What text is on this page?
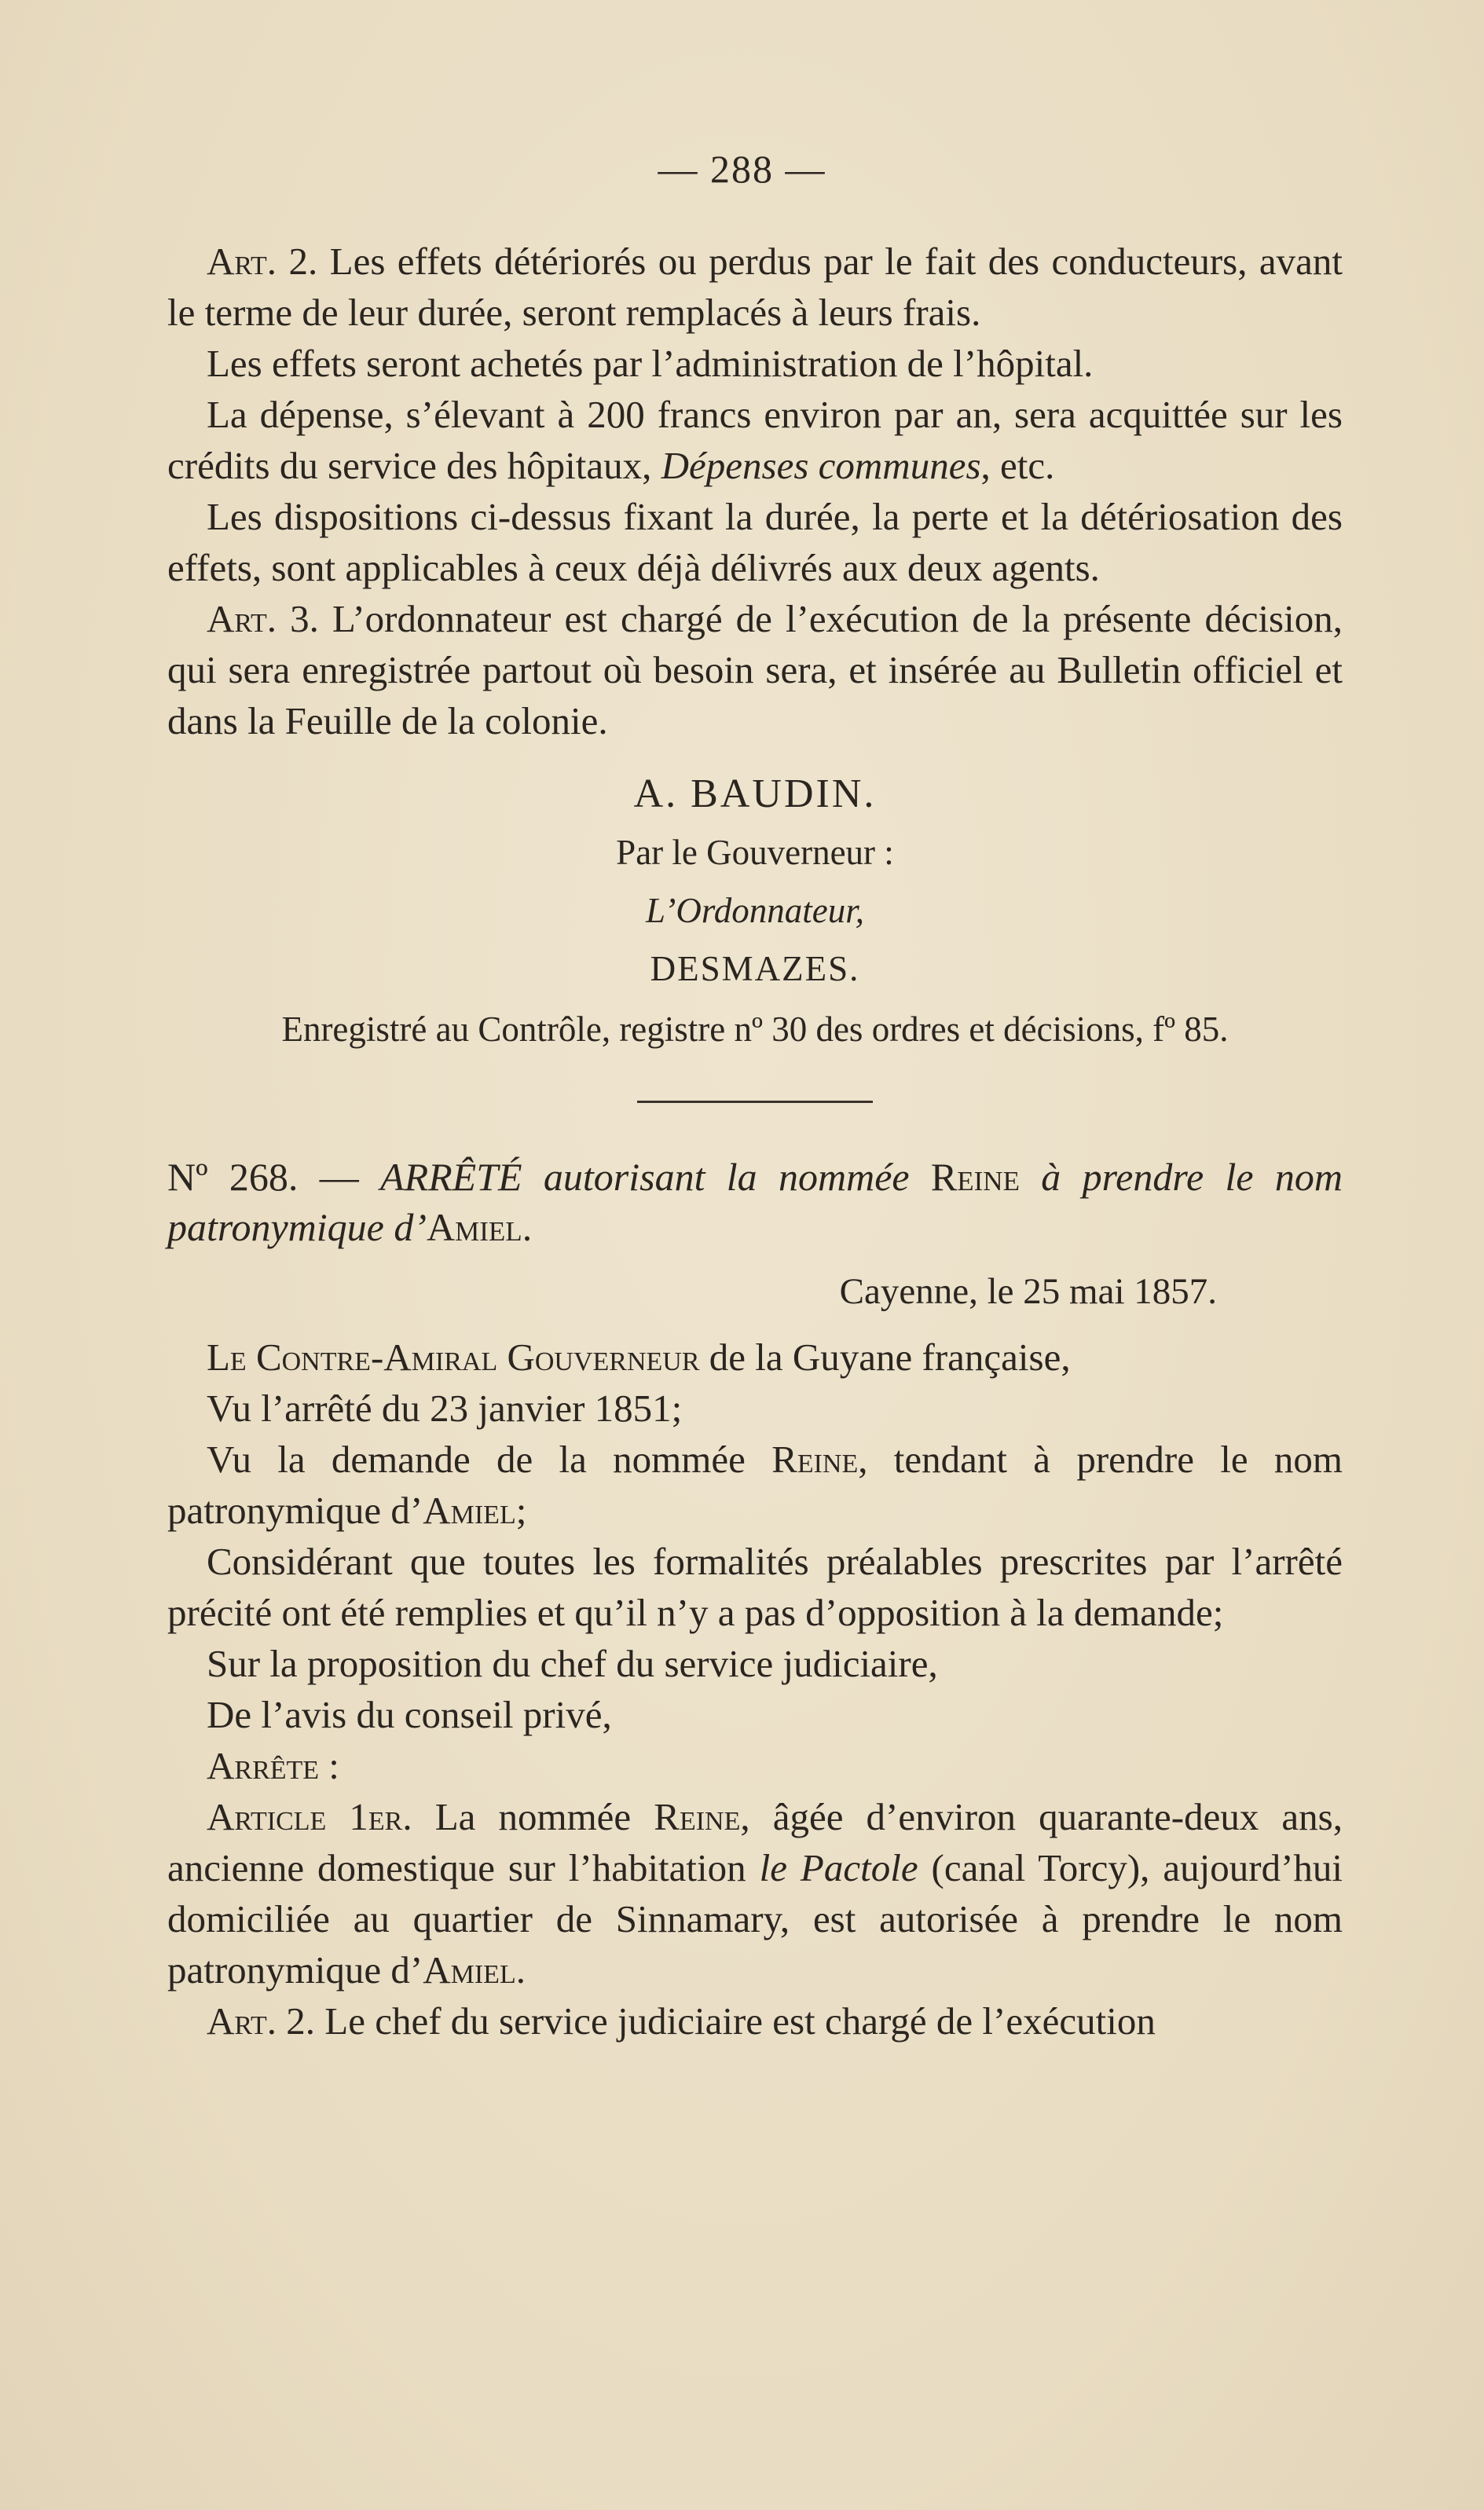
— 288 —

Art. 2. Les effets détériorés ou perdus par le fait des conducteurs, avant le terme de leur durée, seront remplacés à leurs frais.

Les effets seront achetés par l’administration de l’hôpital.

La dépense, s’élevant à 200 francs environ par an, sera acquittée sur les crédits du service des hôpitaux, Dépenses communes, etc.

Les dispositions ci-dessus fixant la durée, la perte et la détériosation des effets, sont applicables à ceux déjà délivrés aux deux agents.

Art. 3. L’ordonnateur est chargé de l’exécution de la présente décision, qui sera enregistrée partout où besoin sera, et insérée au Bulletin officiel et dans la Feuille de la colonie.

A. BAUDIN.
Par le Gouverneur :
L’Ordonnateur,
DESMAZES.

Enregistré au Contrôle, registre nº 30 des ordres et décisions, fº 85.

Nº 268. — ARRÊTÉ autorisant la nommée Reine à prendre le nom patronymique d’Amiel.

Cayenne, le 25 mai 1857.

Le Contre-Amiral Gouverneur de la Guyane française,

Vu l’arrêté du 23 janvier 1851;

Vu la demande de la nommée Reine, tendant à prendre le nom patronymique d’Amiel;

Considérant que toutes les formalités préalables prescrites par l’arrêté précité ont été remplies et qu’il n’y a pas d’opposition à la demande;

Sur la proposition du chef du service judiciaire,

De l’avis du conseil privé,

Arrête :

Article 1er. La nommée Reine, âgée d’environ quarante-deux ans, ancienne domestique sur l’habitation le Pactole (canal Torcy), aujourd’hui domiciliée au quartier de Sinnamary, est autorisée à prendre le nom patronymique d’Amiel.

Art. 2. Le chef du service judiciaire est chargé de l’exécution
